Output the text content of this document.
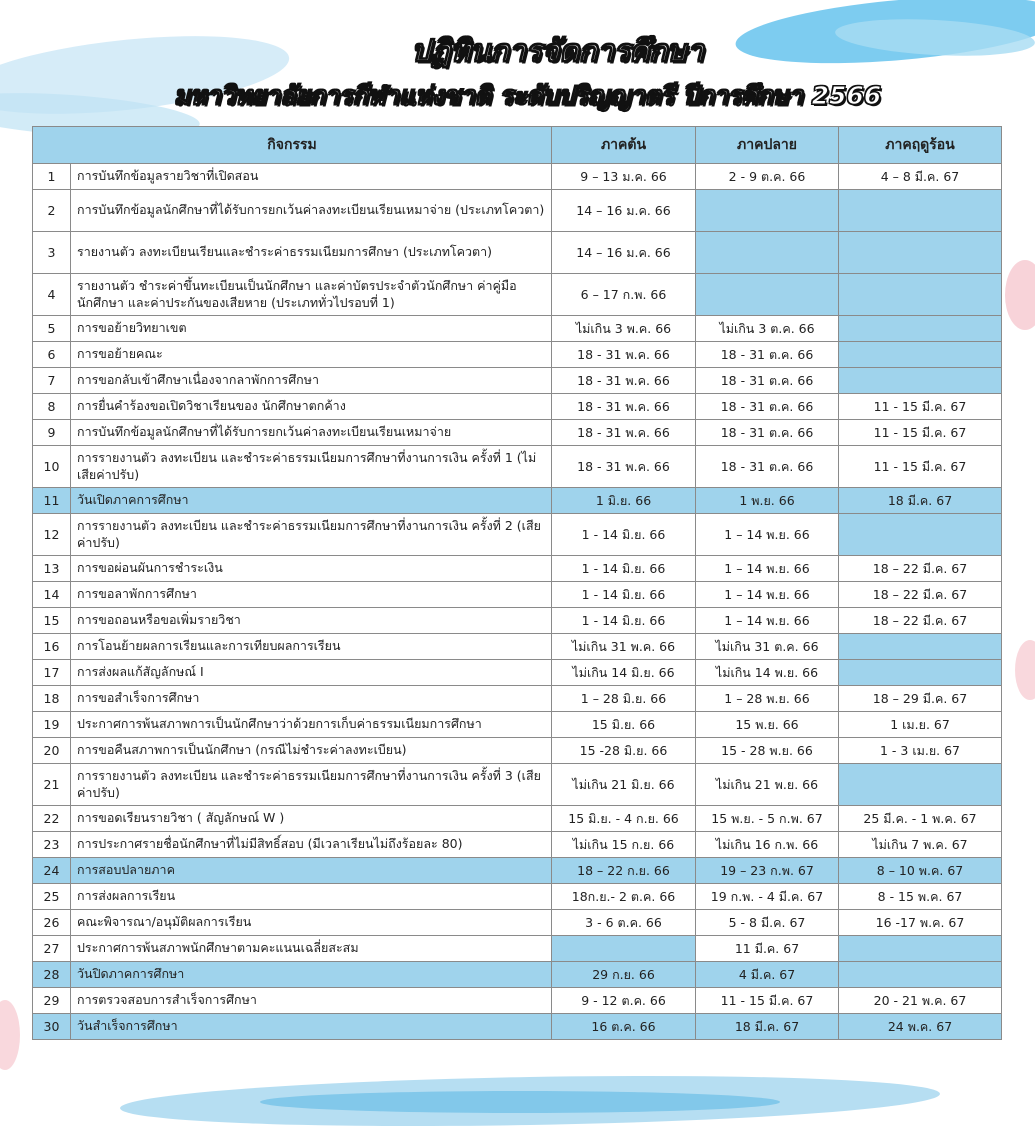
ปฏิทินการจัดการศึกษา
มหาวิทยาลัยการกีฬาแห่งชาติ ระดับปริญญาตรี ปีการศึกษา 2566
กิจกรรม		ภาคต้น	ภาคปลาย	ภาคฤดูร้อน
1	การบันทึกข้อมูลรายวิชาที่เปิดสอน	9 – 13 ม.ค. 66	2 - 9 ต.ค. 66	4 – 8 มี.ค. 67
2	การบันทึกข้อมูลนักศึกษาที่ได้รับการยกเว้นค่าลงทะเบียนเรียนเหมาจ่าย (ประเภทโควตา)	14 – 16 ม.ค. 66		
3	รายงานตัว ลงทะเบียนเรียนและชำระค่าธรรมเนียมการศึกษา (ประเภทโควตา)	14 – 16 ม.ค. 66		
4	รายงานตัว ชำระค่าขึ้นทะเบียนเป็นนักศึกษา และค่าบัตรประจำตัวนักศึกษา ค่าคู่มือนักศึกษา และค่าประกันของเสียหาย (ประเภททั่วไปรอบที่ 1)	6 – 17 ก.พ. 66		
5	การขอย้ายวิทยาเขต	ไม่เกิน 3 พ.ค. 66	ไม่เกิน 3 ต.ค. 66	
6	การขอย้ายคณะ	18 - 31 พ.ค. 66	18 - 31 ต.ค. 66	
7	การขอกลับเข้าศึกษาเนื่องจากลาพักการศึกษา	18 - 31 พ.ค. 66	18 - 31 ต.ค. 66	
8	การยื่นคำร้องขอเปิดวิชาเรียนของ นักศึกษาตกค้าง	18 - 31 พ.ค. 66	18 - 31 ต.ค. 66	11 - 15 มี.ค. 67
9	การบันทึกข้อมูลนักศึกษาที่ได้รับการยกเว้นค่าลงทะเบียนเรียนเหมาจ่าย	18 - 31 พ.ค. 66	18 - 31 ต.ค. 66	11 - 15 มี.ค. 67
10	การรายงานตัว ลงทะเบียน และชำระค่าธรรมเนียมการศึกษาที่งานการเงิน ครั้งที่ 1 (ไม่เสียค่าปรับ)	18 - 31 พ.ค. 66	18 - 31 ต.ค. 66	11 - 15 มี.ค. 67
11	วันเปิดภาคการศึกษา	1 มิ.ย. 66	1 พ.ย. 66	18 มี.ค. 67
12	การรายงานตัว ลงทะเบียน และชำระค่าธรรมเนียมการศึกษาที่งานการเงิน ครั้งที่ 2 (เสียค่าปรับ)	1 - 14 มิ.ย. 66	1 – 14 พ.ย. 66	
13	การขอผ่อนผันการชำระเงิน	1 - 14 มิ.ย. 66	1 – 14 พ.ย. 66	18 – 22 มี.ค. 67
14	การขอลาพักการศึกษา	1 - 14 มิ.ย. 66	1 – 14 พ.ย. 66	18 – 22 มี.ค. 67
15	การขอถอนหรือขอเพิ่มรายวิชา	1 - 14 มิ.ย. 66	1 – 14 พ.ย. 66	18 – 22 มี.ค. 67
16	การโอนย้ายผลการเรียนและการเทียบผลการเรียน	ไม่เกิน 31 พ.ค. 66	ไม่เกิน 31 ต.ค. 66	
17	การส่งผลแก้สัญลักษณ์ I	ไม่เกิน 14 มิ.ย. 66	ไม่เกิน 14 พ.ย. 66	
18	การขอสำเร็จการศึกษา	1 – 28 มิ.ย. 66	1 – 28 พ.ย. 66	18 – 29 มี.ค. 67
19	ประกาศการพ้นสภาพการเป็นนักศึกษาว่าด้วยการเก็บค่าธรรมเนียมการศึกษา	15 มิ.ย. 66	15 พ.ย. 66	1 เม.ย. 67
20	การขอคืนสภาพการเป็นนักศึกษา (กรณีไม่ชำระค่าลงทะเบียน)	15 -28 มิ.ย. 66	15 - 28 พ.ย. 66	1 - 3 เม.ย. 67
21	การรายงานตัว ลงทะเบียน และชำระค่าธรรมเนียมการศึกษาที่งานการเงิน ครั้งที่ 3 (เสียค่าปรับ)	ไม่เกิน 21 มิ.ย. 66	ไม่เกิน 21 พ.ย. 66	
22	การขอดเรียนรายวิชา ( สัญลักษณ์ W )	15 มิ.ย. - 4 ก.ย. 66	15 พ.ย. - 5 ก.พ. 67	25 มี.ค. - 1 พ.ค. 67
23	การประกาศรายชื่อนักศึกษาที่ไม่มีสิทธิ์สอบ (มีเวลาเรียนไม่ถึงร้อยละ 80)	ไม่เกิน 15 ก.ย. 66	ไม่เกิน 16 ก.พ. 66	ไม่เกิน 7 พ.ค. 67
24	การสอบปลายภาค	18 – 22 ก.ย. 66	19 – 23 ก.พ. 67	8 – 10 พ.ค. 67
25	การส่งผลการเรียน	18ก.ย.- 2 ต.ค. 66	19 ก.พ. - 4 มี.ค. 67	8 - 15 พ.ค. 67
26	คณะพิจารณา/อนุมัติผลการเรียน	3 - 6 ต.ค. 66	5 - 8 มี.ค. 67	16 -17 พ.ค. 67
27	ประกาศการพ้นสภาพนักศึกษาตามคะแนนเฉลี่ยสะสม		11 มี.ค. 67	
28	วันปิดภาคการศึกษา	29 ก.ย. 66	4 มี.ค. 67	
29	การตรวจสอบการสำเร็จการศึกษา	9 - 12 ต.ค. 66	11 - 15 มี.ค. 67	20 - 21 พ.ค. 67
30	วันสำเร็จการศึกษา	16 ต.ค. 66	18 มี.ค. 67	24 พ.ค. 67
